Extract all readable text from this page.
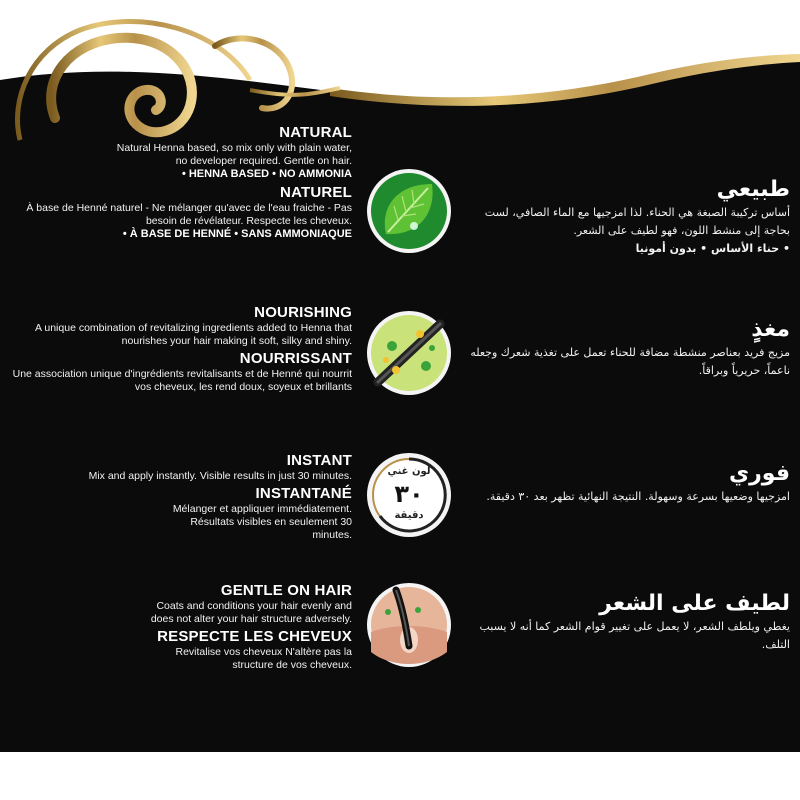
NATURAL
Natural Henna based, so mix only with plain water, no developer required. Gentle on hair.
• HENNA BASED • NO AMMONIA
NATUREL
À base de Henné naturel - Ne mélanger qu'avec de l'eau fraiche - Pas besoin de révélateur. Respecte les cheveux.
• À BASE DE HENNÉ • SANS AMMONIAQUE
طبيعي
أساس تركيبة الصبغة هي الحناء. لذا امزجيها مع الماء الصافي، لست بحاجة إلى منشط اللون، فهو لطيف على الشعر.
• حناء الأساس • بدون أمونيا
NOURISHING
A unique combination of revitalizing ingredients added to Henna that nourishes your hair making it soft, silky and shiny.
NOURRISSANT
Une association unique d'ingrédients revitalisants et de Henné qui nourrit vos cheveux, les rend doux, soyeux et brillants
مغذٍ
مزيج فريد بعناصر منشطة مضافة للحناء تعمل على تغذية شعرك وجعله ناعماً، حريرياً وبراقاً.
INSTANT
Mix and apply instantly. Visible results in just 30 minutes.
INSTANTANÉ
Mélanger et appliquer immédiatement. Résultats visibles en seulement 30 minutes.
لون غني
٣٠
دقيقة
فوري
امزجيها وضعيها بسرعة وسهولة. النتيجة النهائية تظهر بعد ٣٠ دقيقة.
GENTLE ON HAIR
Coats and conditions your hair evenly and does not alter your hair structure adversely.
RESPECTE LES CHEVEUX
Revitalise vos cheveux N'altère pas la structure de vos cheveux.
لطيف على الشعر
يغطي ويلطف الشعر، لا يعمل على تغيير قوام الشعر كما أنه لا يسبب التلف.
